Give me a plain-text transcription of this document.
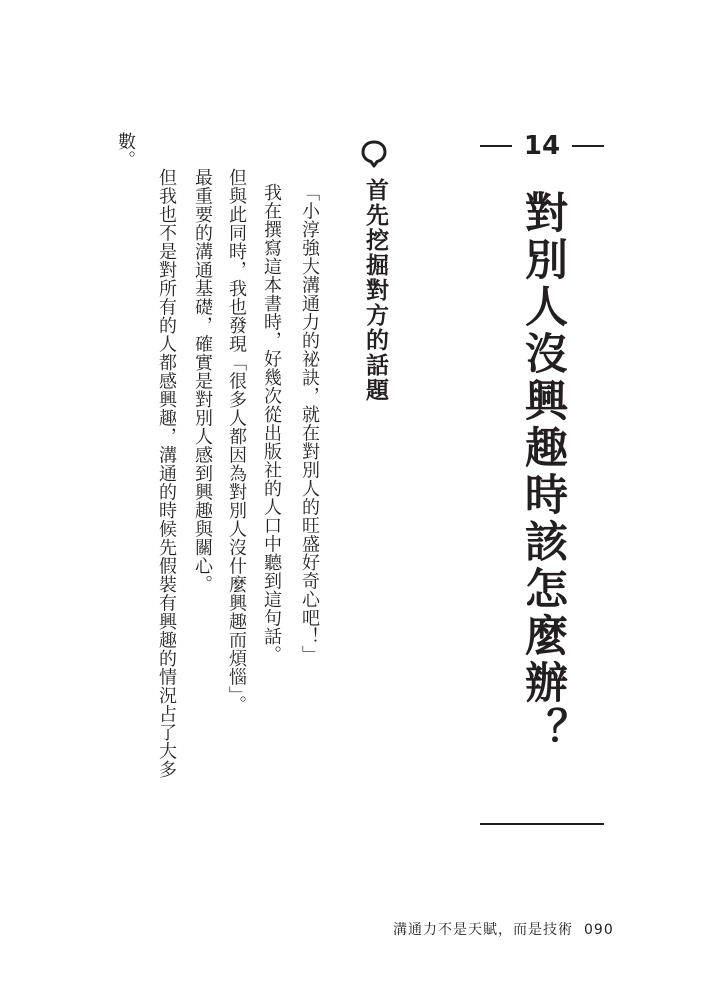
14
對別人沒興趣時該怎麼辦？
首先挖掘對方的話題
「小淳強大溝通力的祕訣，就在對別人的旺盛好奇心吧！」
我在撰寫這本書時，好幾次從出版社的人口中聽到這句話。
但與此同時，我也發現「很多人都因為對別人沒什麼興趣而煩惱」。
最重要的溝通基礎，確實是對別人感到興趣與關心。
但我也不是對所有的人都感興趣，溝通的時候先假裝有興趣的情況占了大多
數。
溝通力不是天賦，而是技術 090
